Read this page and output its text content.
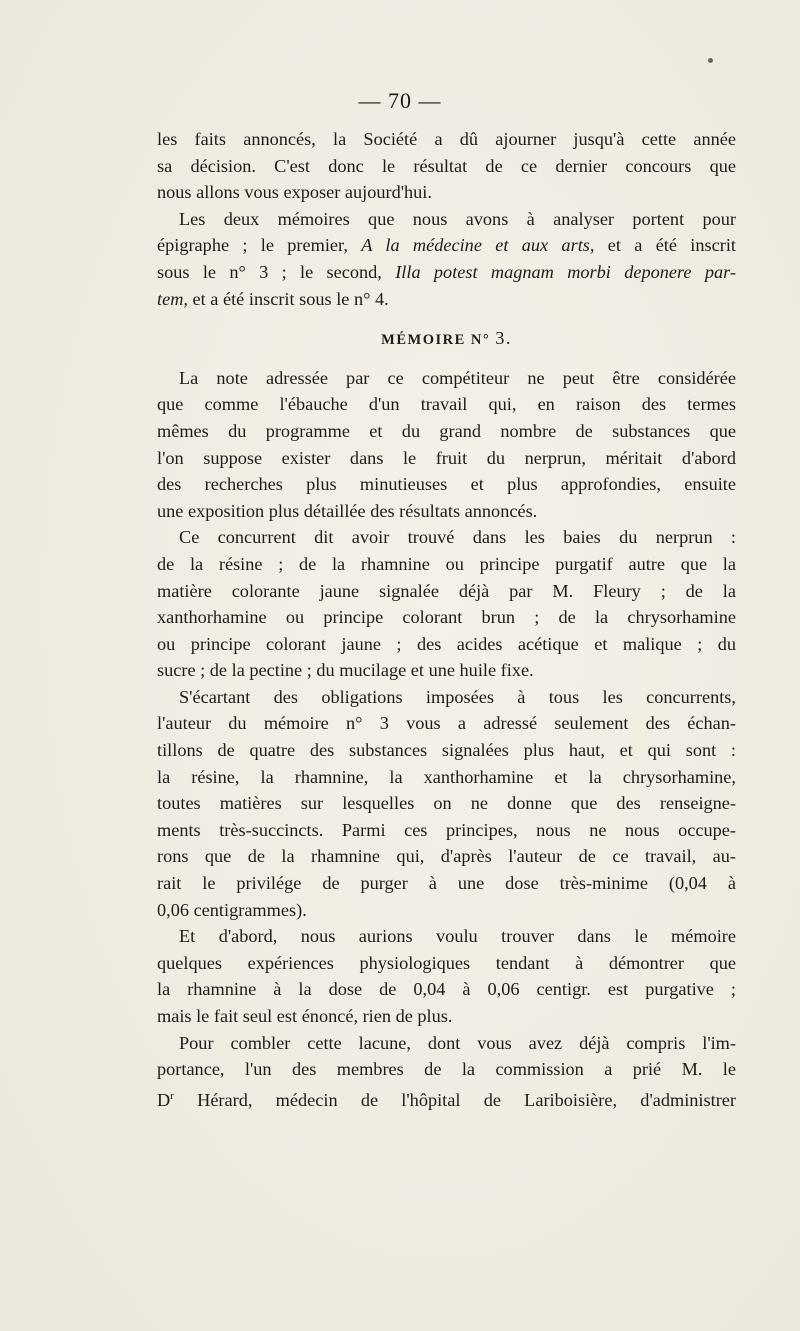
— 70 —
les faits annoncés, la Société a dû ajourner jusqu'à cette année
sa décision. C'est donc le résultat de ce dernier concours que
nous allons vous exposer aujourd'hui.
Les deux mémoires que nous avons à analyser portent pour
épigraphe ; le premier, A la médecine et aux arts, et a été inscrit
sous le n° 3 ; le second, Illa potest magnam morbi deponere par-
tem, et a été inscrit sous le n° 4.
MÉMOIRE N° 3.
La note adressée par ce compétiteur ne peut être considérée
que comme l'ébauche d'un travail qui, en raison des termes
mêmes du programme et du grand nombre de substances que
l'on suppose exister dans le fruit du nerprun, méritait d'abord
des recherches plus minutieuses et plus approfondies, ensuite
une exposition plus détaillée des résultats annoncés.
Ce concurrent dit avoir trouvé dans les baies du nerprun :
de la résine ; de la rhamnine ou principe purgatif autre que la
matière colorante jaune signalée déjà par M. Fleury ; de la
xanthorhamine ou principe colorant brun ; de la chrysorhamine
ou principe colorant jaune ; des acides acétique et malique ; du
sucre ; de la pectine ; du mucilage et une huile fixe.
S'écartant des obligations imposées à tous les concurrents,
l'auteur du mémoire n° 3 vous a adressé seulement des échan-
tillons de quatre des substances signalées plus haut, et qui sont :
la résine, la rhamnine, la xanthorhamine et la chrysorhamine,
toutes matières sur lesquelles on ne donne que des renseigne-
ments très-succincts. Parmi ces principes, nous ne nous occupe-
rons que de la rhamnine qui, d'après l'auteur de ce travail, au-
rait le privilége de purger à une dose très-minime (0,04 à
0,06 centigrammes).
Et d'abord, nous aurions voulu trouver dans le mémoire
quelques expériences physiologiques tendant à démontrer que
la rhamnine à la dose de 0,04 à 0,06 centigr. est purgative ;
mais le fait seul est énoncé, rien de plus.
Pour combler cette lacune, dont vous avez déjà compris l'im-
portance, l'un des membres de la commission a prié M. le
$D^r$ Hérard, médecin de l'hôpital de Lariboisière, d'administrer
